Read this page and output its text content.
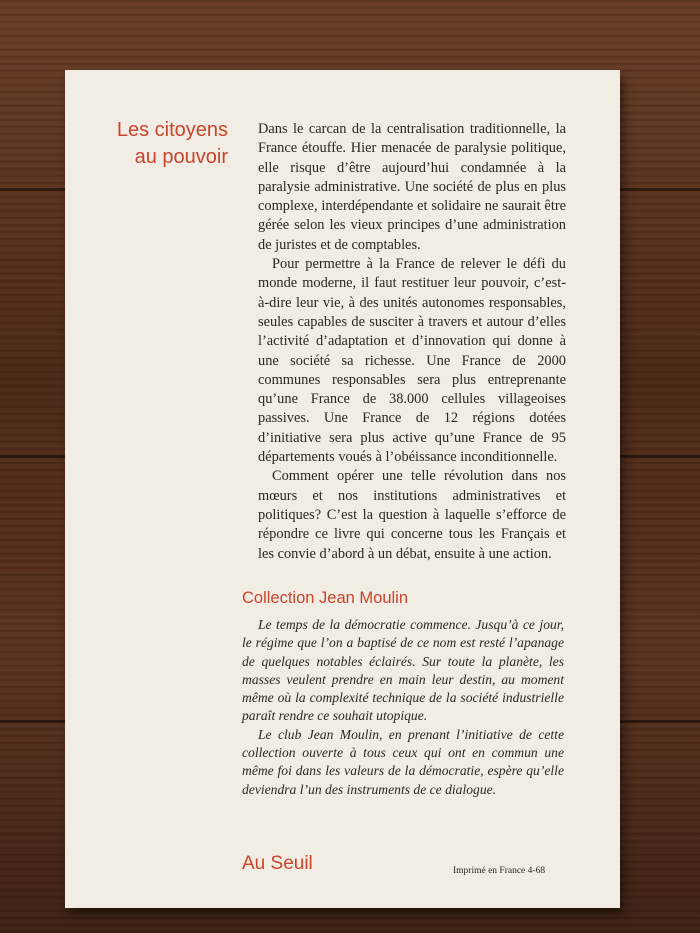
Les citoyens
au pouvoir

Dans le carcan de la centralisation traditionnelle, la France étouffe. Hier menacée de paralysie politique, elle risque d’être aujourd’hui condamnée à la paralysie administrative. Une société de plus en plus complexe, interdépendante et solidaire ne saurait être gérée selon les vieux principes d’une administration de juristes et de comptables.

Pour permettre à la France de relever le défi du monde moderne, il faut restituer leur pouvoir, c’est-à-dire leur vie, à des unités autonomes responsables, seules capables de susciter à travers et autour d’elles l’activité d’adaptation et d’innovation qui donne à une société sa richesse. Une France de 2000 communes responsables sera plus entreprenante qu’une France de 38.000 cellules villageoises passives. Une France de 12 régions dotées d’initiative sera plus active qu’une France de 95 départements voués à l’obéissance inconditionnelle.

Comment opérer une telle révolution dans nos mœurs et nos institutions administratives et politiques? C’est la question à laquelle s’efforce de répondre ce livre qui concerne tous les Français et les convie d’abord à un débat, ensuite à une action.

Collection Jean Moulin

Le temps de la démocratie commence. Jusqu’à ce jour, le régime que l’on a baptisé de ce nom est resté l’apanage de quelques notables éclairés. Sur toute la planète, les masses veulent prendre en main leur destin, au moment même où la complexité technique de la société industrielle paraît rendre ce souhait utopique.

Le club Jean Moulin, en prenant l’initiative de cette collection ouverte à tous ceux qui ont en commun une même foi dans les valeurs de la démocratie, espère qu’elle deviendra l’un des instruments de ce dialogue.

Au Seuil	Imprimé en France 4-68
